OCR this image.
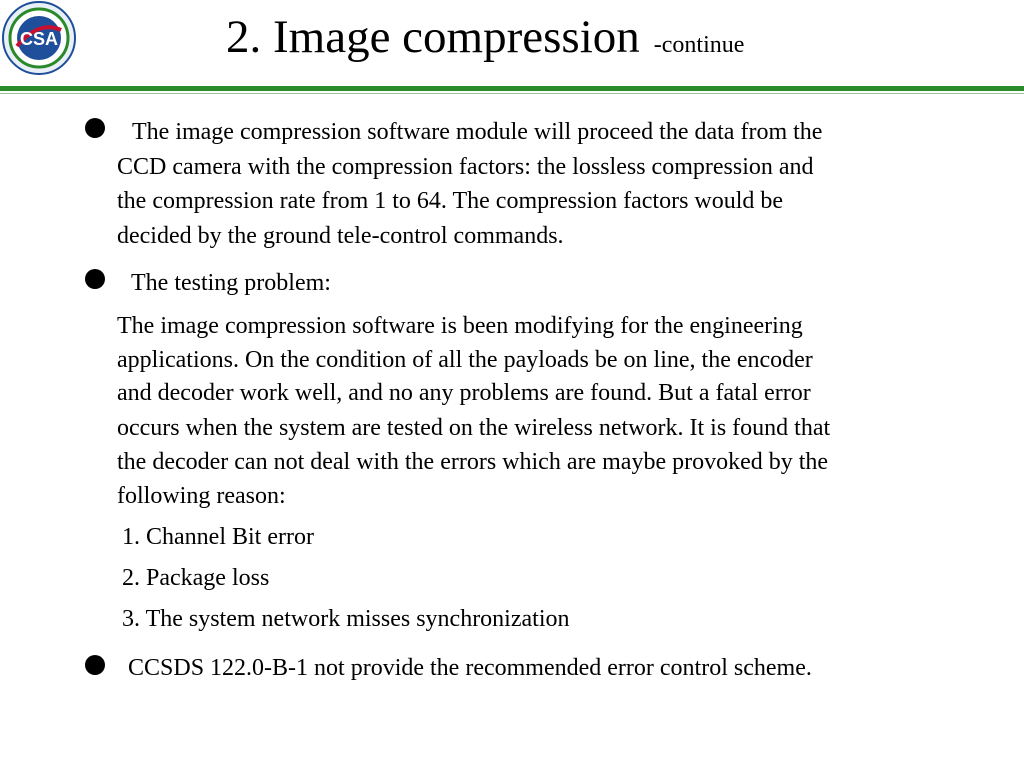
CSA	2. Image compression -continue
The image compression software module will proceed the data from the
CCD camera with the compression factors: the lossless compression and
the compression rate from 1 to 64. The compression factors would be
decided by the ground tele-control commands.
The testing problem:
The image compression software is been modifying for the engineering
applications. On the condition of all the payloads be on line, the encoder
and decoder work well, and no any problems are found. But a fatal error
occurs when the system are tested on the wireless network. It is found that
the decoder can not deal with the errors which are maybe provoked by the
following reason:
1. Channel Bit error
2. Package loss
3. The system network misses synchronization
CCSDS 122.0-B-1 not provide the recommended error control scheme.
